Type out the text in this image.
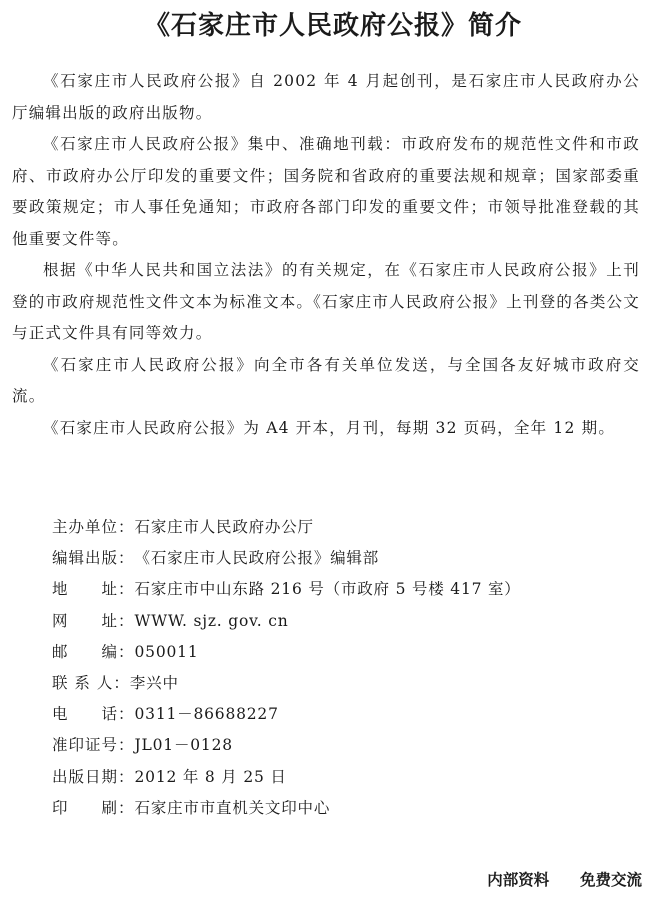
《石家庄市人民政府公报》简介

《石家庄市人民政府公报》自 2002 年 4 月起创刊，是石家庄市人民政府办公厅编辑出版的政府出版物。

《石家庄市人民政府公报》集中、准确地刊载：市政府发布的规范性文件和市政府、市政府办公厅印发的重要文件；国务院和省政府的重要法规和规章；国家部委重要政策规定；市人事任免通知；市政府各部门印发的重要文件；市领导批准登载的其他重要文件等。

根据《中华人民共和国立法法》的有关规定，在《石家庄市人民政府公报》上刊登的市政府规范性文件文本为标准文本。《石家庄市人民政府公报》上刊登的各类公文与正式文件具有同等效力。

《石家庄市人民政府公报》向全市各有关单位发送，与全国各友好城市政府交流。

《石家庄市人民政府公报》为 A4 开本，月刊，每期 32 页码，全年 12 期。

主办单位： 石家庄市人民政府办公厅
编辑出版： 《石家庄市人民政府公报》编辑部
地　　址： 石家庄市中山东路 216 号（市政府 5 号楼 417 室）
网　　址： WWW. sjz. gov. cn
邮　　编： 050011
联 系 人： 李兴中
电　　话： 0311－86688227
准印证号： JL01－0128
出版日期： 2012 年 8 月 25 日
印　　刷： 石家庄市市直机关文印中心
内部资料  免费交流
